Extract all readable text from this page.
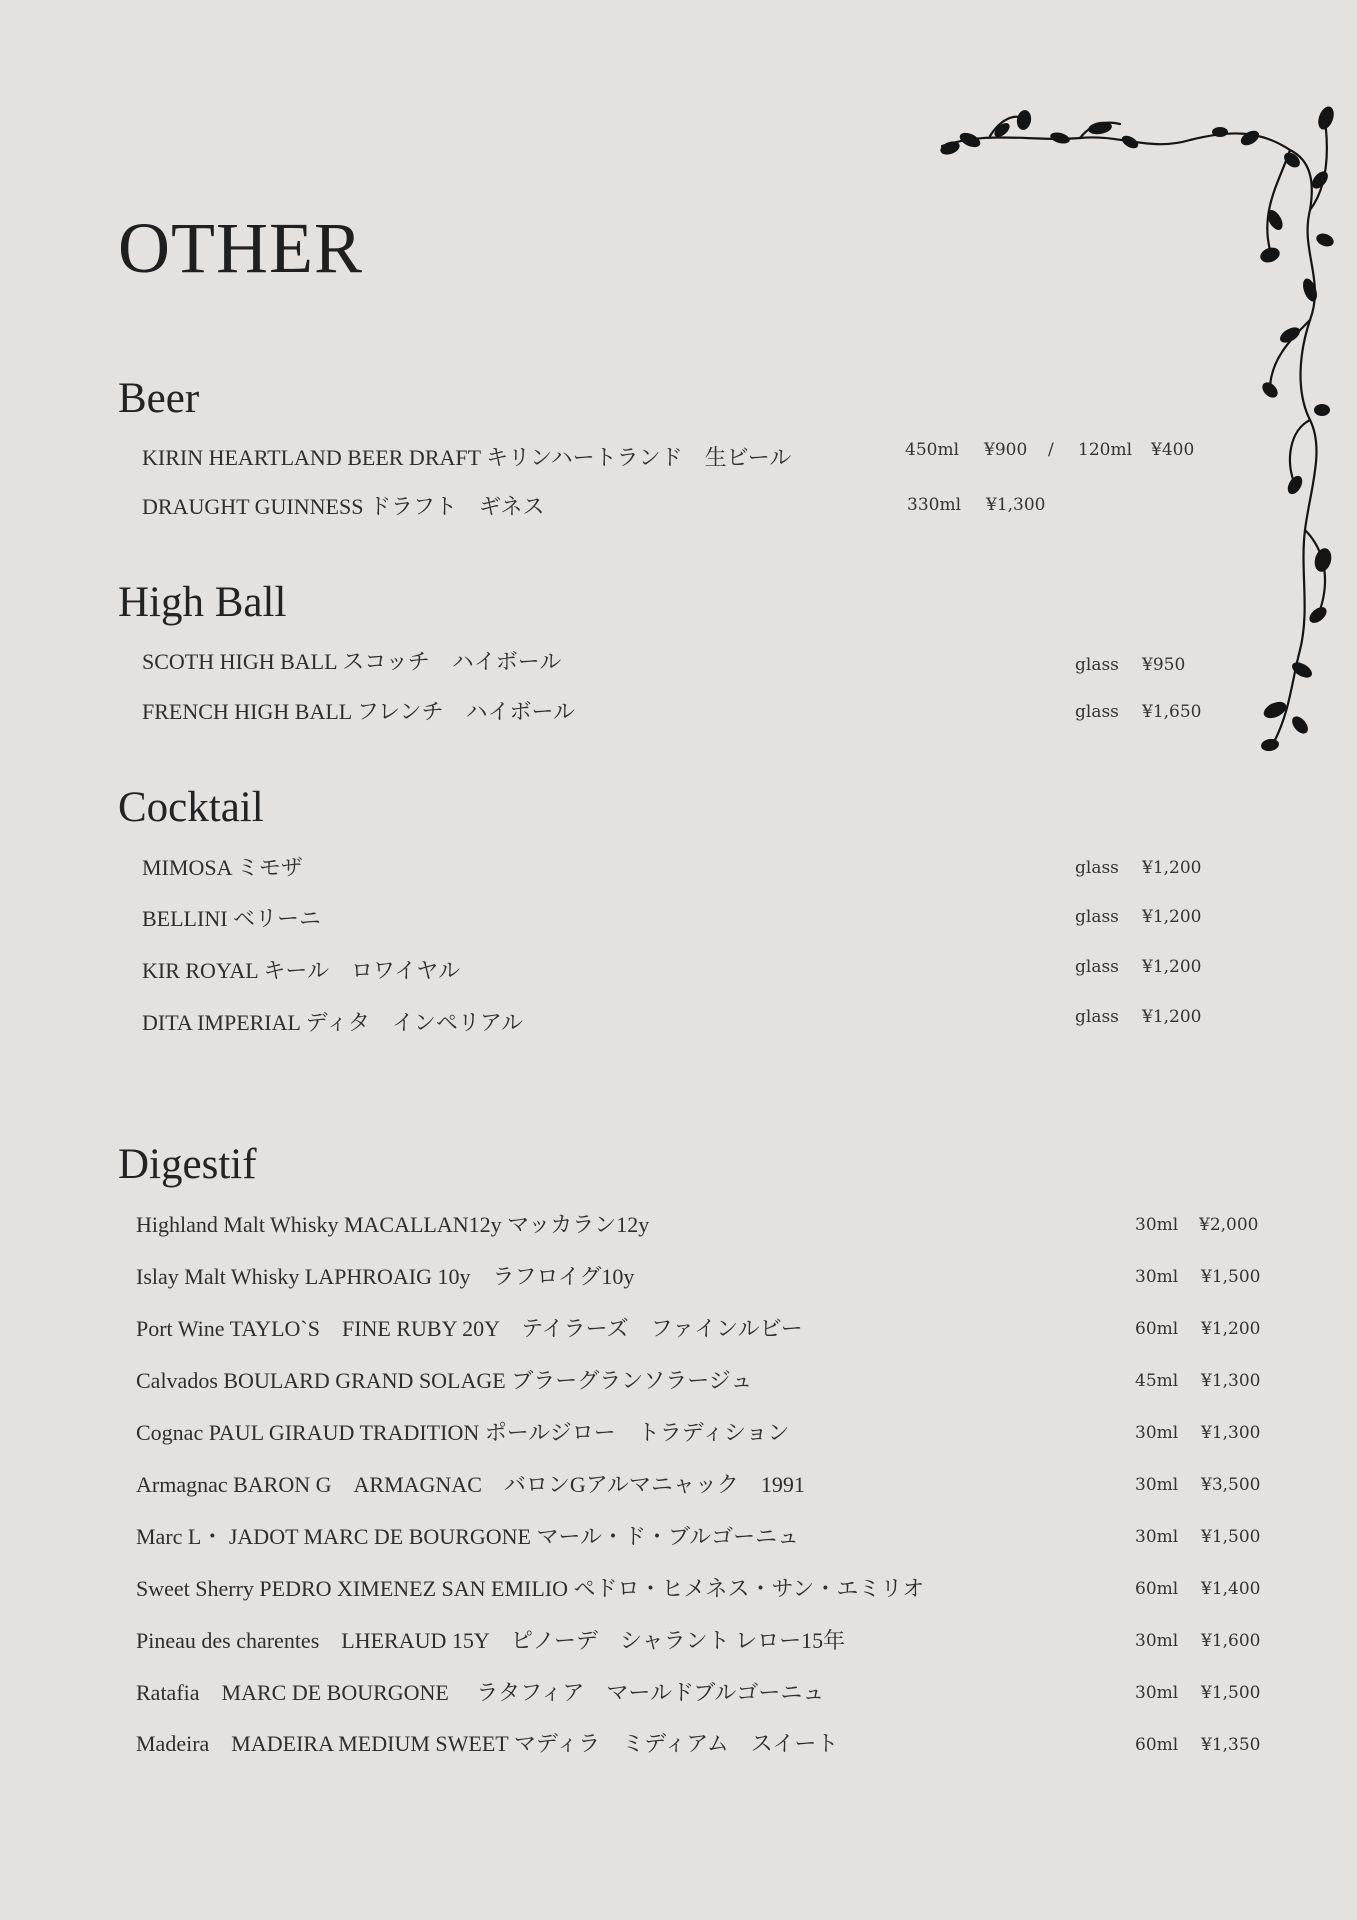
OTHER
Beer
KIRIN HEARTLAND BEER DRAFT キリンハートランド　生ビール	450ml ¥900 / 120ml ¥400
DRAUGHT GUINNESS ドラフト　ギネス	330ml ¥1,300
High Ball
SCOTH HIGH BALL スコッチ　ハイボール	glass ¥950
FRENCH HIGH BALL フレンチ　ハイボール	glass ¥1,650
Cocktail
MIMOSA ミモザ	glass ¥1,200
BELLINI ベリーニ	glass ¥1,200
KIR ROYAL キール　ロワイヤル	glass ¥1,200
DITA IMPERIAL ディタ　インペリアル	glass ¥1,200
Digestif
Highland Malt Whisky MACALLAN12y マッカラン12y	30ml ¥2,000
Islay Malt Whisky LAPHROAIG 10y　ラフロイグ10y	30ml ¥1,500
Port Wine TAYLO`S　FINE RUBY 20Y　テイラーズ　ファインルビー	60ml ¥1,200
Calvados BOULARD GRAND SOLAGE ブラーグランソラージュ	45ml ¥1,300
Cognac PAUL GIRAUD TRADITION ポールジロー　トラディション	30ml ¥1,300
Armagnac BARON G　ARMAGNAC　バロンGアルマニャック　1991	30ml ¥3,500
Marc L・ JADOT MARC DE BOURGONE マール・ド・ブルゴーニュ	30ml ¥1,500
Sweet Sherry PEDRO XIMENEZ SAN EMILIO ペドロ・ヒメネス・サン・エミリオ	60ml ¥1,400
Pineau des charentes　LHERAUD 15Y　ピノーデ　シャラント レロー15年	30ml ¥1,600
Ratafia　MARC DE BOURGONE　 ラタフィア　マールドブルゴーニュ	30ml ¥1,500
Madeira　MADEIRA MEDIUM SWEET マディラ　ミディアム　スイート	60ml ¥1,350
